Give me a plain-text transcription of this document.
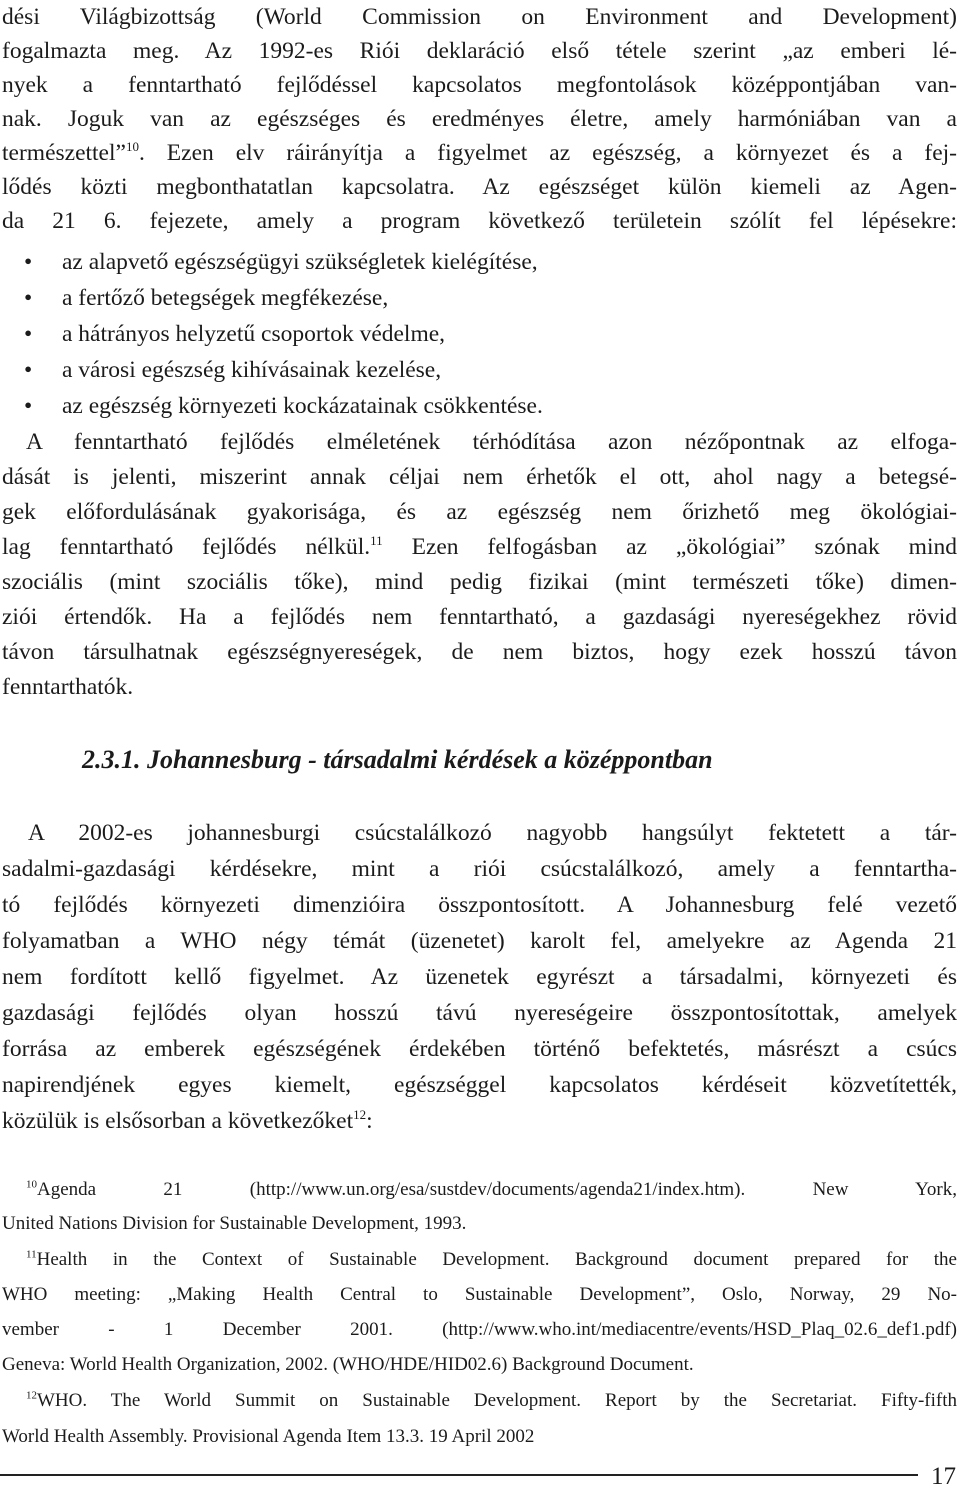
dési Világbizottság (World Commission on Environment and Development)
fogalmazta meg. Az 1992-es Riói deklaráció első tétele szerint „az emberi lé-
nyek a fenntartható fejlődéssel kapcsolatos megfontolások középpontjában van-
nak. Joguk van az egészséges és eredményes életre, amely harmóniában van a
természettel”$^{10}$. Ezen elv ráirányítja a figyelmet az egészség, a környezet és a fej-
lődés közti megbonthatatlan kapcsolatra. Az egészséget külön kiemeli az Agen-
da 21 6. fejezete, amely a program következő területein szólít fel lépésekre:
• az alapvető egészségügyi szükségletek kielégítése,
• a fertőző betegségek megfékezése,
• a hátrányos helyzetű csoportok védelme,
• a városi egészség kihívásainak kezelése,
• az egészség környezeti kockázatainak csökkentése.
A fenntartható fejlődés elméletének térhódítása azon nézőpontnak az elfoga-
dását is jelenti, miszerint annak céljai nem érhetők el ott, ahol nagy a betegsé-
gek előfordulásának gyakorisága, és az egészség nem őrizhető meg ökológiai-
lag fenntartható fejlődés nélkül.$^{11}$ Ezen felfogásban az „ökológiai” szónak mind
szociális (mint szociális tőke), mind pedig fizikai (mint természeti tőke) dimen-
ziói értendők. Ha a fejlődés nem fenntartható, a gazdasági nyereségekhez rövid
távon társulhatnak egészségnyereségek, de nem biztos, hogy ezek hosszú távon
fenntarthatók.
2.3.1. Johannesburg - társadalmi kérdések a középpontban
A 2002-es johannesburgi csúcstalálkozó nagyobb hangsúlyt fektetett a tár-
sadalmi-gazdasági kérdésekre, mint a riói csúcstalálkozó, amely a fenntartha-
tó fejlődés környezeti dimenzióira összpontosított. A Johannesburg felé vezető
folyamatban a WHO négy témát (üzenetet) karolt fel, amelyekre az Agenda 21
nem fordított kellő figyelmet. Az üzenetek egyrészt a társadalmi, környezeti és
gazdasági fejlődés olyan hosszú távú nyereségeire összpontosítottak, amelyek
forrása az emberek egészségének érdekében történő befektetés, másrészt a csúcs
napirendjének egyes kiemelt, egészséggel kapcsolatos kérdéseit közvetítették,
közülük is elsősorban a következőket$^{12}$:
$^{10}$Agenda 21 (http://www.un.org/esa/sustdev/documents/agenda21/index.htm). New York,
United Nations Division for Sustainable Development, 1993.
$^{11}$Health in the Context of Sustainable Development. Background document prepared for the
WHO meeting: „Making Health Central to Sustainable Development”, Oslo, Norway, 29 No-
vember - 1 December 2001. (http://www.who.int/mediacentre/events/HSD_Plaq_02.6_def1.pdf)
Geneva: World Health Organization, 2002. (WHO/HDE/HID02.6) Background Document.
$^{12}$WHO. The World Summit on Sustainable Development. Report by the Secretariat. Fifty-fifth
World Health Assembly. Provisional Agenda Item 13.3. 19 April 2002
17
